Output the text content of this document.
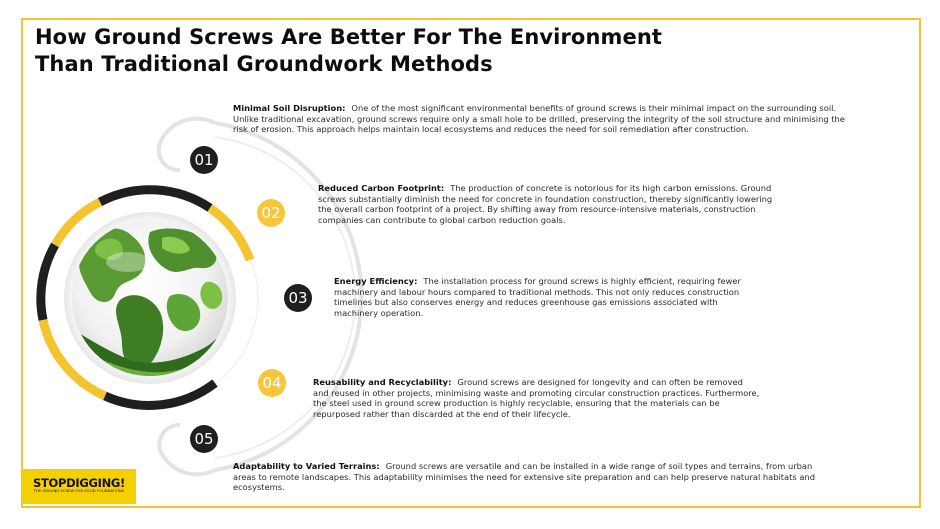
How Ground Screws Are Better For The Environment
Than Traditional Groundwork Methods
01
02
03
04
05
Minimal Soil Disruption: One of the most significant environmental benefits of ground screws is their minimal impact on the surrounding soil. Unlike traditional excavation, ground screws require only a small hole to be drilled, preserving the integrity of the soil structure and minimising the risk of erosion. This approach helps maintain local ecosystems and reduces the need for soil remediation after construction.
Reduced Carbon Footprint: The production of concrete is notorious for its high carbon emissions. Ground screws substantially diminish the need for concrete in foundation construction, thereby significantly lowering the overall carbon footprint of a project. By shifting away from resource-intensive materials, construction companies can contribute to global carbon reduction goals.
Energy Efficiency: The installation process for ground screws is highly efficient, requiring fewer machinery and labour hours compared to traditional methods. This not only reduces construction timelines but also conserves energy and reduces greenhouse gas emissions associated with machinery operation.
Reusability and Recyclability: Ground screws are designed for longevity and can often be removed and reused in other projects, minimising waste and promoting circular construction practices. Furthermore, the steel used in ground screw production is highly recyclable, ensuring that the materials can be repurposed rather than discarded at the end of their lifecycle.
Adaptability to Varied Terrains: Ground screws are versatile and can be installed in a wide range of soil types and terrains, from urban areas to remote landscapes. This adaptability minimises the need for extensive site preparation and can help preserve natural habitats and ecosystems.
STOPDIGGING!
THE GROUND SCREW FOR SOLID FOUNDATIONS
